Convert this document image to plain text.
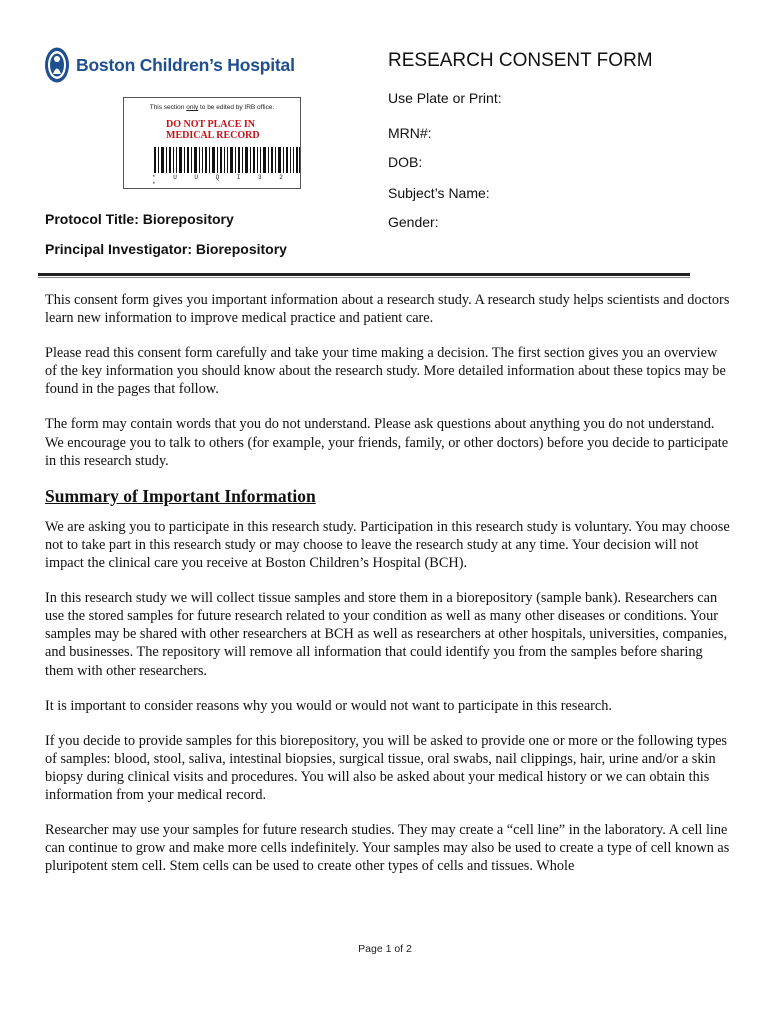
Boston Children’s Hospital
This section only to be edited by IRB office.
DO NOT PLACE IN
MEDICAL RECORD
* U U Q I 3 2 *
RESEARCH CONSENT FORM
Use Plate or Print:
MRN#:
DOB:
Subject’s Name:
Gender:
Protocol Title: Biorepository
Principal Investigator: Biorepository

This consent form gives you important information about a research study. A research study helps scientists and doctors learn new information to improve medical practice and patient care.

Please read this consent form carefully and take your time making a decision. The first section gives you an overview of the key information you should know about the research study. More detailed information about these topics may be found in the pages that follow.

The form may contain words that you do not understand. Please ask questions about anything you do not understand. We encourage you to talk to others (for example, your friends, family, or other doctors) before you decide to participate in this research study.

Summary of Important Information

We are asking you to participate in this research study. Participation in this research study is voluntary. You may choose not to take part in this research study or may choose to leave the research study at any time. Your decision will not impact the clinical care you receive at Boston Children’s Hospital (BCH).

In this research study we will collect tissue samples and store them in a biorepository (sample bank). Researchers can use the stored samples for future research related to your condition as well as many other diseases or conditions. Your samples may be shared with other researchers at BCH as well as researchers at other hospitals, universities, companies, and businesses. The repository will remove all information that could identify you from the samples before sharing them with other researchers.

It is important to consider reasons why you would or would not want to participate in this research.

If you decide to provide samples for this biorepository, you will be asked to provide one or more or the following types of samples: blood, stool, saliva, intestinal biopsies, surgical tissue, oral swabs, nail clippings, hair, urine and/or a skin biopsy during clinical visits and procedures. You will also be asked about your medical history or we can obtain this information from your medical record.

Researcher may use your samples for future research studies. They may create a “cell line” in the laboratory. A cell line can continue to grow and make more cells indefinitely. Your samples may also be used to create a type of cell known as pluripotent stem cell. Stem cells can be used to create other types of cells and tissues. Whole

Page 1 of 2
